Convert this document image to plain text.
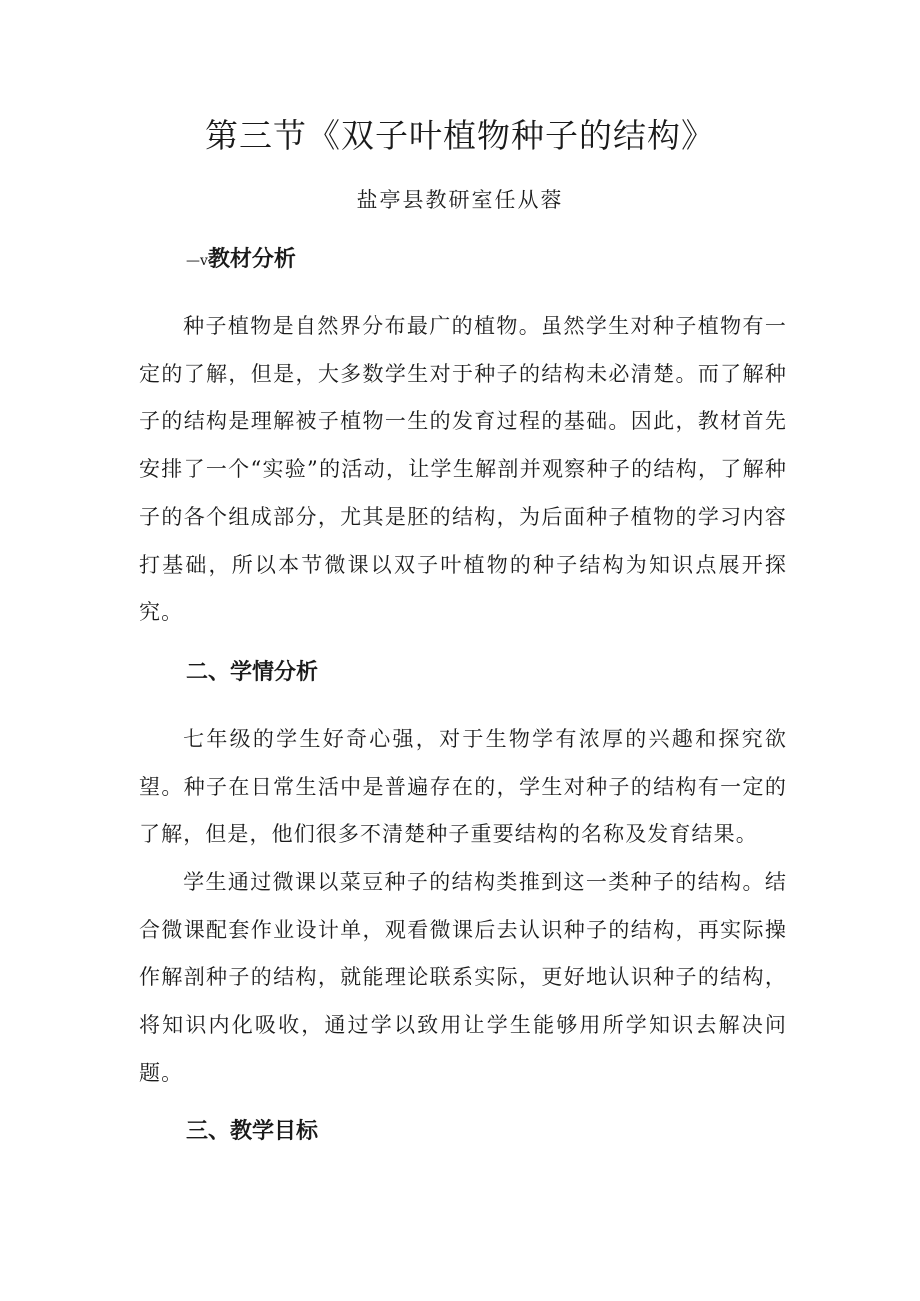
第三节《双子叶植物种子的结构》
盐亭县教研室任从蓉
—v教材分析

种子植物是自然界分布最广的植物。虽然学生对种子植物有一定的了解，但是，大多数学生对于种子的结构未必清楚。而了解种子的结构是理解被子植物一生的发育过程的基础。因此，教材首先安排了一个“实验”的活动，让学生解剖并观察种子的结构，了解种子的各个组成部分，尤其是胚的结构，为后面种子植物的学习内容打基础，所以本节微课以双子叶植物的种子结构为知识点展开探究。

二、学情分析

七年级的学生好奇心强，对于生物学有浓厚的兴趣和探究欲望。种子在日常生活中是普遍存在的，学生对种子的结构有一定的了解，但是，他们很多不清楚种子重要结构的名称及发育结果。

学生通过微课以菜豆种子的结构类推到这一类种子的结构。结合微课配套作业设计单，观看微课后去认识种子的结构，再实际操作解剖种子的结构，就能理论联系实际，更好地认识种子的结构，将知识内化吸收，通过学以致用让学生能够用所学知识去解决问题。

三、教学目标
